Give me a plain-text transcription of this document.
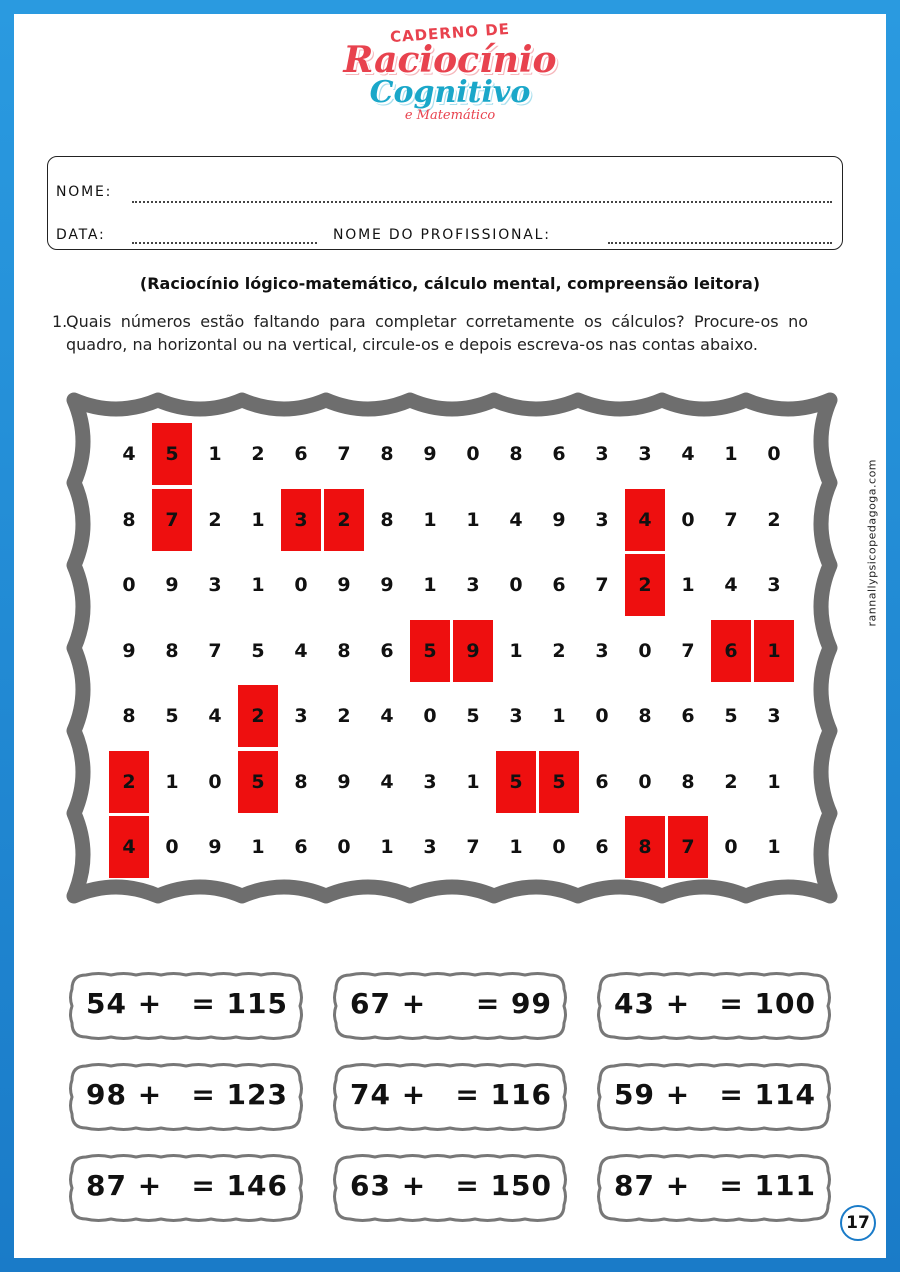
CADERNO DE
Raciocínio
Cognitivo
e Matemático
NOME:
DATA:	NOME DO PROFISSIONAL:
(Raciocínio lógico-matemático, cálculo mental, compreensão leitora)
1.
Quais números estão faltando para completar corretamente os cálculos? Procure-os no quadro, na horizontal ou na vertical, circule-os e depois escreva-os nas contas abaixo.
4	5	1	2	6	7	8	9	0	8	6	3	3	4	1	0
8	7	2	1	3	2	8	1	1	4	9	3	4	0	7	2
0	9	3	1	0	9	9	1	3	0	6	7	2	1	4	3
9	8	7	5	4	8	6	5	9	1	2	3	0	7	6	1
8	5	4	2	3	2	4	0	5	3	1	0	8	6	5	3
2	1	0	5	8	9	4	3	1	5	5	6	0	8	2	1
4	0	9	1	6	0	1	3	7	1	0	6	8	7	0	1
54 + = 115 67 + = 99 43 + = 100
98 + = 123 74 + = 116 59 + = 114
87 + = 146 63 + = 150 87 + = 111
rannallypsicopedagoga.com
17
